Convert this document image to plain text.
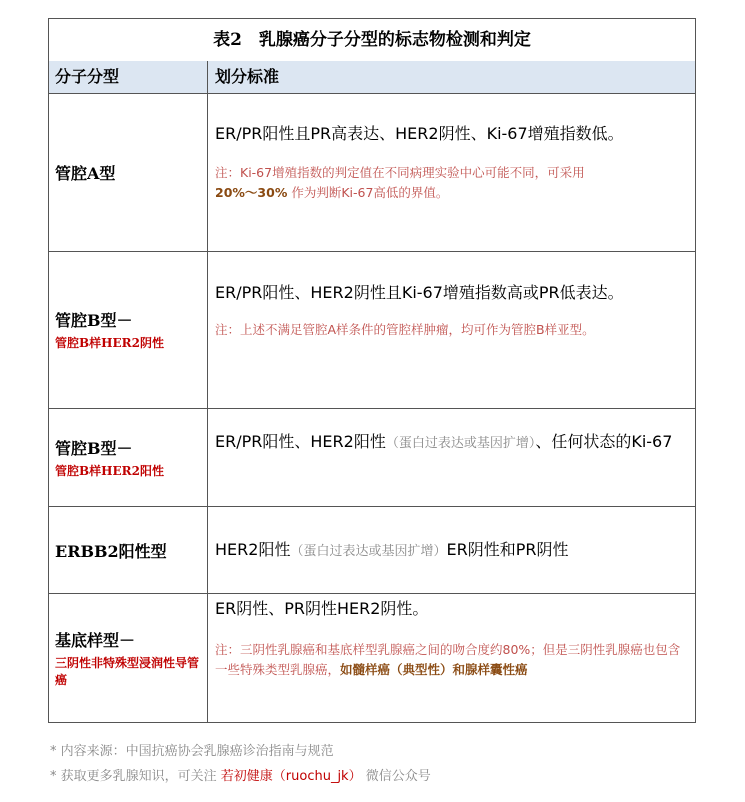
表2　乳腺癌分子分型的标志物检测和判定
分子分型	划分标准
管腔A型
ER/PR阳性且PR高表达、HER2阴性、Ki-67增殖指数低。
注：Ki-67增殖指数的判定值在不同病理实验中心可能不同，可采用
20%～30% 作为判断Ki-67高低的界值。
管腔B型－
管腔B样HER2阴性
ER/PR阳性、HER2阴性且Ki-67增殖指数高或PR低表达。
注：上述不满足管腔A样条件的管腔样肿瘤，均可作为管腔B样亚型。
管腔B型－
管腔B样HER2阳性
ER/PR阳性、HER2阳性（蛋白过表达或基因扩增）、任何状态的Ki-67
ERBB2阳性型	HER2阳性（蛋白过表达或基因扩增）ER阴性和PR阴性
基底样型－
三阴性非特殊型浸润性导管癌
ER阴性、PR阴性HER2阴性。
注：三阴性乳腺癌和基底样型乳腺癌之间的吻合度约80%；但是三阴性乳腺癌也包含一些特殊类型乳腺癌，如髓样癌（典型性）和腺样囊性癌
* 内容来源：中国抗癌协会乳腺癌诊治指南与规范
* 获取更多乳腺知识，可关注 若初健康（ruochu_jk） 微信公众号
